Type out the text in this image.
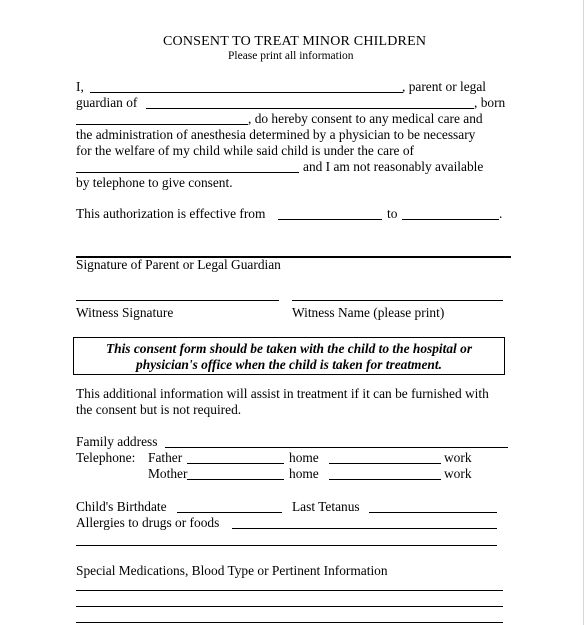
CONSENT TO TREAT MINOR CHILDREN
Please print all information
I,	, parent or legal
guardian of	, born
, do hereby consent to any medical care and
the administration of anesthesia determined by a physician to be necessary
for the welfare of my child while said child is under the care of
and I am not reasonably available
by telephone to give consent.
This authorization is effective from	to	.
Signature of Parent or Legal Guardian
Witness Signature	Witness Name (please print)
This consent form should be taken with the child to the hospital or
physician's office when the child is taken for treatment.
This additional information will assist in treatment if it can be furnished with
the consent but is not required.
Family address
Telephone: Father	home	work
Mother	home	work
Child's Birthdate	Last Tetanus
Allergies to drugs or foods
Special Medications, Blood Type or Pertinent Information
